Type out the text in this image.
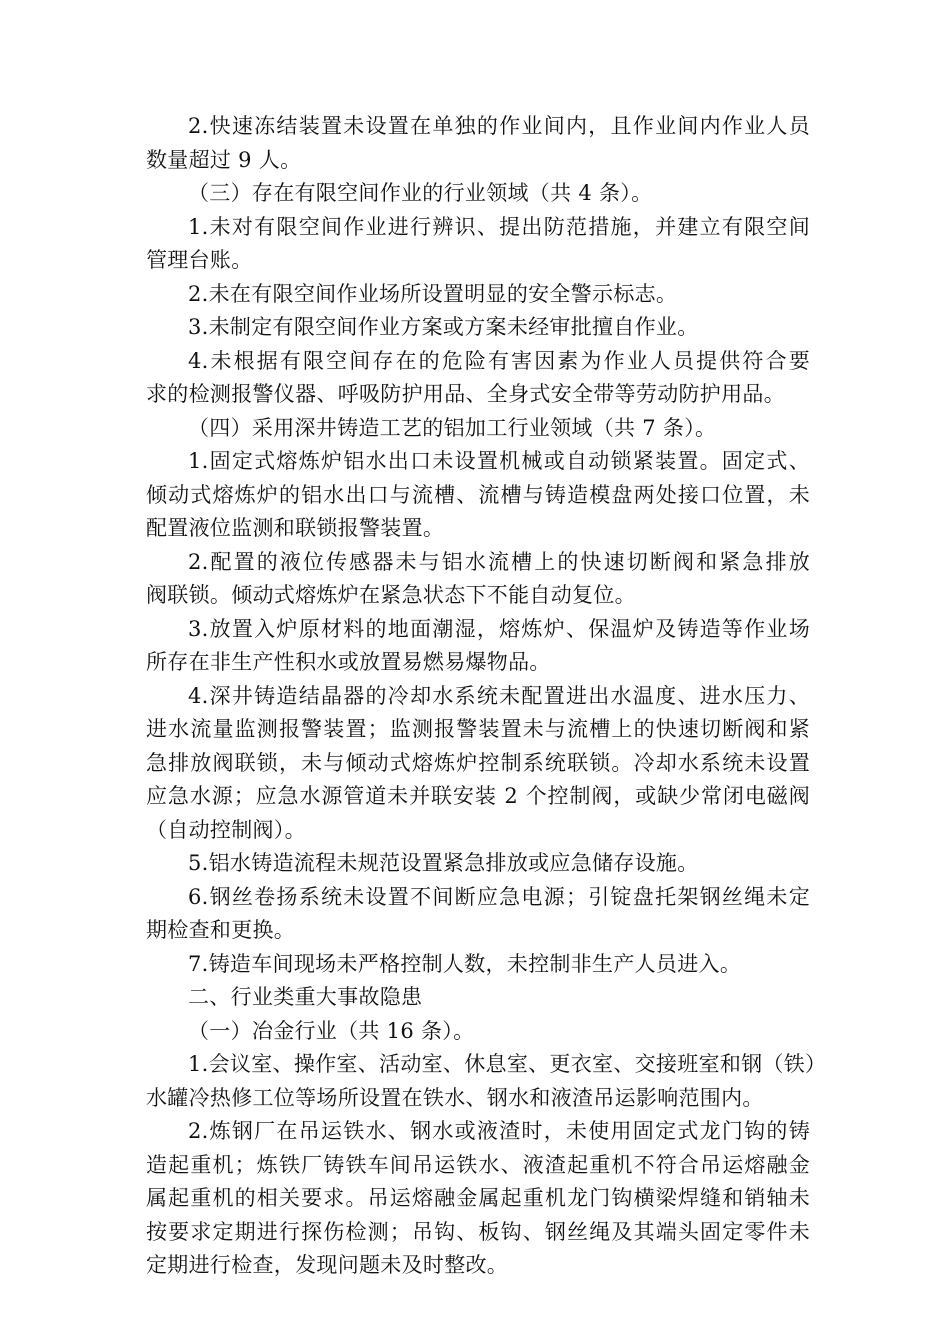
2.快速冻结装置未设置在单独的作业间内，且作业间内作业人员
数量超过 9 人。
（三）存在有限空间作业的行业领域（共 4 条）。
1.未对有限空间作业进行辨识、提出防范措施，并建立有限空间
管理台账。
2.未在有限空间作业场所设置明显的安全警示标志。
3.未制定有限空间作业方案或方案未经审批擅自作业。
4.未根据有限空间存在的危险有害因素为作业人员提供符合要
求的检测报警仪器、呼吸防护用品、全身式安全带等劳动防护用品。
（四）采用深井铸造工艺的铝加工行业领域（共 7 条）。
1.固定式熔炼炉铝水出口未设置机械或自动锁紧装置。固定式、
倾动式熔炼炉的铝水出口与流槽、流槽与铸造模盘两处接口位置，未
配置液位监测和联锁报警装置。
2.配置的液位传感器未与铝水流槽上的快速切断阀和紧急排放
阀联锁。倾动式熔炼炉在紧急状态下不能自动复位。
3.放置入炉原材料的地面潮湿，熔炼炉、保温炉及铸造等作业场
所存在非生产性积水或放置易燃易爆物品。
4.深井铸造结晶器的冷却水系统未配置进出水温度、进水压力、
进水流量监测报警装置；监测报警装置未与流槽上的快速切断阀和紧
急排放阀联锁，未与倾动式熔炼炉控制系统联锁。冷却水系统未设置
应急水源；应急水源管道未并联安装 2 个控制阀，或缺少常闭电磁阀
（自动控制阀）。
5.铝水铸造流程未规范设置紧急排放或应急储存设施。
6.钢丝卷扬系统未设置不间断应急电源；引锭盘托架钢丝绳未定
期检查和更换。
7.铸造车间现场未严格控制人数，未控制非生产人员进入。
二、行业类重大事故隐患
（一）冶金行业（共 16 条）。
1.会议室、操作室、活动室、休息室、更衣室、交接班室和钢（铁）
水罐冷热修工位等场所设置在铁水、钢水和液渣吊运影响范围内。
2.炼钢厂在吊运铁水、钢水或液渣时，未使用固定式龙门钩的铸
造起重机；炼铁厂铸铁车间吊运铁水、液渣起重机不符合吊运熔融金
属起重机的相关要求。吊运熔融金属起重机龙门钩横梁焊缝和销轴未
按要求定期进行探伤检测；吊钩、板钩、钢丝绳及其端头固定零件未
定期进行检查，发现问题未及时整改。
